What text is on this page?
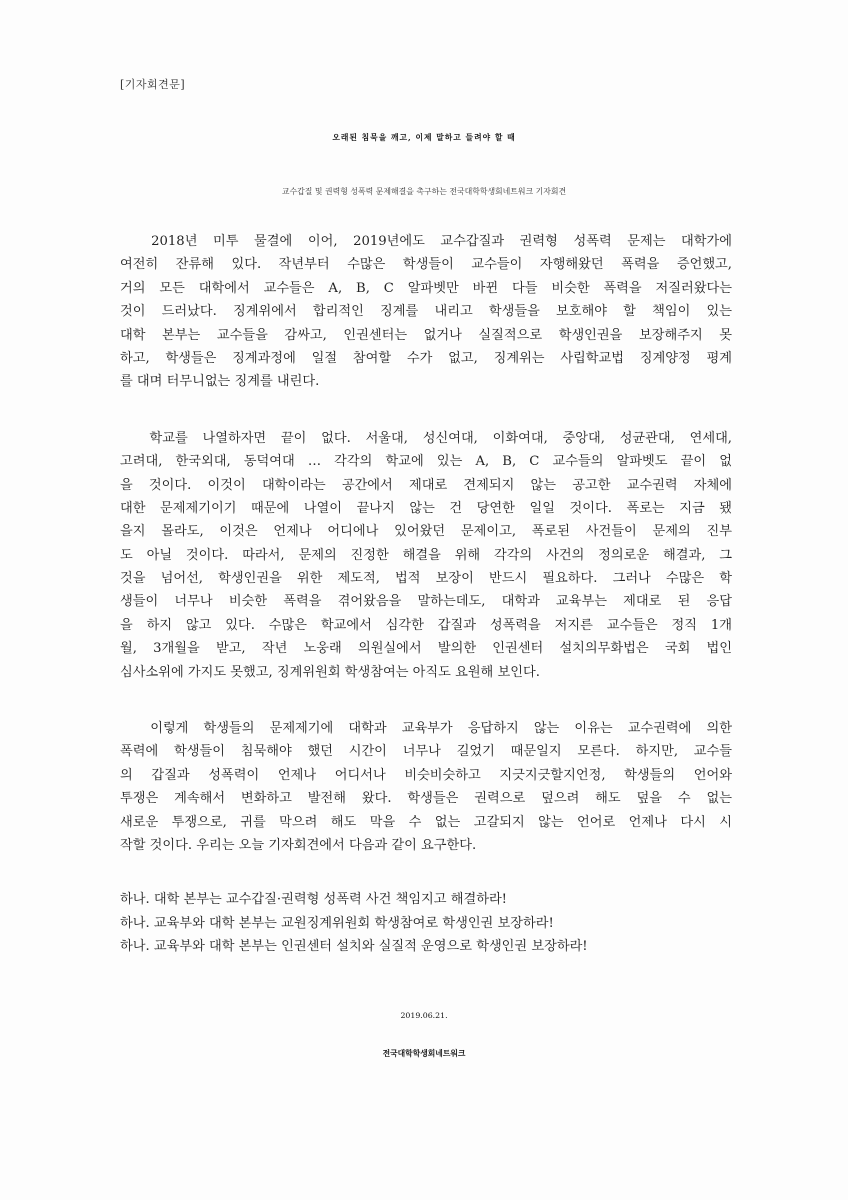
[기자회견문]
오래된 침묵을 깨고, 이제 말하고 들려야 할 때
교수갑질 및 권력형 성폭력 문제해결을 촉구하는 전국대학학생회네트워크 기자회견
2018년 미투 물결에 이어, 2019년에도 교수갑질과 권력형 성폭력 문제는 대학가에
여전히 잔류해 있다. 작년부터 수많은 학생들이 교수들이 자행해왔던 폭력을 증언했고,
거의 모든 대학에서 교수들은 A, B, C 알파벳만 바뀐 다들 비슷한 폭력을 저질러왔다는
것이 드러났다. 징계위에서 합리적인 징계를 내리고 학생들을 보호해야 할 책임이 있는
대학 본부는 교수들을 감싸고, 인권센터는 없거나 실질적으로 학생인권을 보장해주지 못
하고, 학생들은 징계과정에 일절 참여할 수가 없고, 징계위는 사립학교법 징계양정 평계
를 대며 터무니없는 징계를 내린다.
학교를 나열하자면 끝이 없다. 서울대, 성신여대, 이화여대, 중앙대, 성균관대, 연세대,
고려대, 한국외대, 동덕여대 … 각각의 학교에 있는 A, B, C 교수들의 알파벳도 끝이 없
을 것이다. 이것이 대학이라는 공간에서 제대로 견제되지 않는 공고한 교수권력 자체에
대한 문제제기이기 때문에 나열이 끝나지 않는 건 당연한 일일 것이다. 폭로는 지금 됐
을지 몰라도, 이것은 언제나 어디에나 있어왔던 문제이고, 폭로된 사건들이 문제의 진부
도 아닐 것이다. 따라서, 문제의 진정한 해결을 위해 각각의 사건의 정의로운 해결과, 그
것을 넘어선, 학생인권을 위한 제도적, 법적 보장이 반드시 필요하다. 그러나 수많은 학
생들이 너무나 비슷한 폭력을 겪어왔음을 말하는데도, 대학과 교육부는 제대로 된 응답
을 하지 않고 있다. 수많은 학교에서 심각한 갑질과 성폭력을 저지른 교수들은 정직 1개
월, 3개월을 받고, 작년 노웅래 의원실에서 발의한 인권센터 설치의무화법은 국회 법인
심사소위에 가지도 못했고, 징계위원회 학생참여는 아직도 요원해 보인다.
이렇게 학생들의 문제제기에 대학과 교육부가 응답하지 않는 이유는 교수권력에 의한
폭력에 학생들이 침묵해야 했던 시간이 너무나 길었기 때문일지 모른다. 하지만, 교수들
의 갑질과 성폭력이 언제나 어디서나 비슷비슷하고 지긋지긋할지언정, 학생들의 언어와
투쟁은 계속해서 변화하고 발전해 왔다. 학생들은 권력으로 덮으려 해도 덮을 수 없는
새로운 투쟁으로, 귀를 막으려 해도 막을 수 없는 고갈되지 않는 언어로 언제나 다시 시
작할 것이다. 우리는 오늘 기자회견에서 다음과 같이 요구한다.
하나. 대학 본부는 교수갑질·권력형 성폭력 사건 책임지고 해결하라!
하나. 교육부와 대학 본부는 교원징계위원회 학생참여로 학생인권 보장하라!
하나. 교육부와 대학 본부는 인권센터 설치와 실질적 운영으로 학생인권 보장하라!
2019.06.21.
전국대학학생회네트워크
